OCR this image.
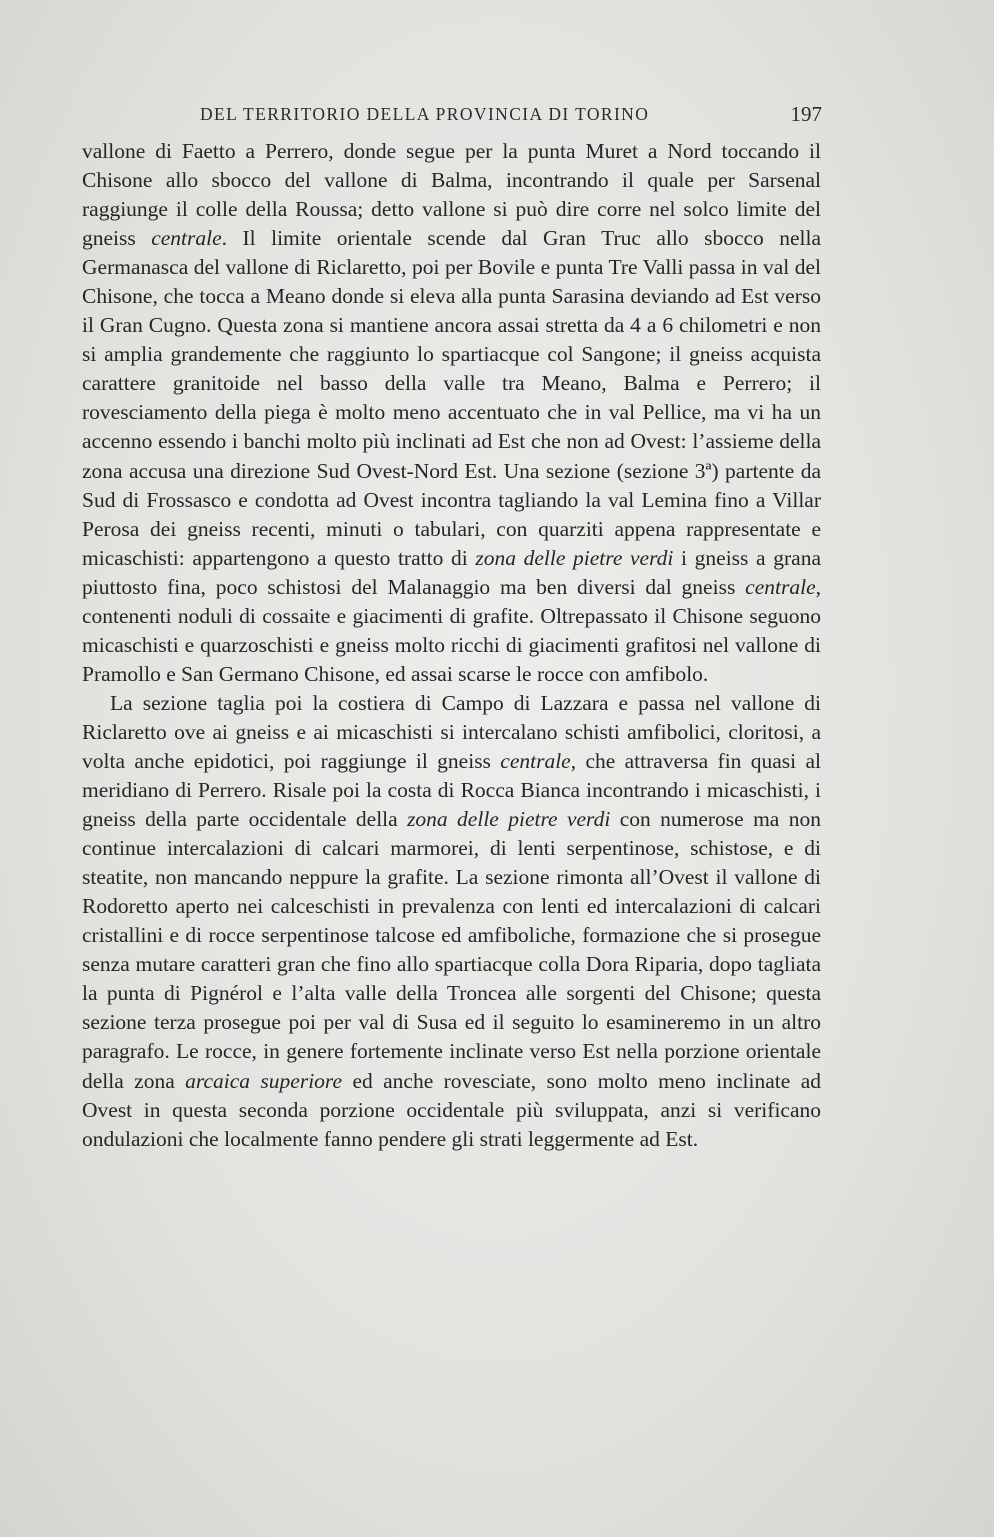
DEL TERRITORIO DELLA PROVINCIA DI TORINO	197

vallone di Faetto a Perrero, donde segue per la punta Muret a Nord toccando il Chisone allo sbocco del vallone di Balma, incontrando il quale per Sarsenal raggiunge il colle della Roussa; detto vallone si può dire corre nel solco limite del gneiss centrale. Il limite orientale scende dal Gran Truc allo sbocco nella Germanasca del vallone di Riclaretto, poi per Bovile e punta Tre Valli passa in val del Chisone, che tocca a Meano donde si eleva alla punta Sarasina deviando ad Est verso il Gran Cugno. Questa zona si mantiene ancora assai stretta da 4 a 6 chilometri e non si amplia grandemente che raggiunto lo spartiacque col Sangone; il gneiss acquista carattere granitoide nel basso della valle tra Meano, Balma e Perrero; il rovesciamento della piega è molto meno accentuato che in val Pellice, ma vi ha un accenno essendo i banchi molto più inclinati ad Est che non ad Ovest: l’assieme della zona accusa una direzione Sud Ovest-Nord Est. Una sezione (sezione 3ª) partente da Sud di Frossasco e condotta ad Ovest incontra tagliando la val Lemina fino a Villar Perosa dei gneiss recenti, minuti o tabulari, con quarziti appena rappresentate e micaschisti: appartengono a questo tratto di zona delle pietre verdi i gneiss a grana piuttosto fina, poco schistosi del Malanaggio ma ben diversi dal gneiss centrale, contenenti noduli di cossaite e giacimenti di grafite. Oltrepassato il Chisone seguono micaschisti e quarzoschisti e gneiss molto ricchi di giacimenti grafitosi nel vallone di Pramollo e San Germano Chisone, ed assai scarse le rocce con amfibolo.

La sezione taglia poi la costiera di Campo di Lazzara e passa nel vallone di Riclaretto ove ai gneiss e ai micaschisti si intercalano schisti amfibolici, cloritosi, a volta anche epidotici, poi raggiunge il gneiss centrale, che attraversa fin quasi al meridiano di Perrero. Risale poi la costa di Rocca Bianca incontrando i micaschisti, i gneiss della parte occidentale della zona delle pietre verdi con numerose ma non continue intercalazioni di calcari marmorei, di lenti serpentinose, schistose, e di steatite, non mancando neppure la grafite. La sezione rimonta all’Ovest il vallone di Rodoretto aperto nei calceschisti in prevalenza con lenti ed intercalazioni di calcari cristallini e di rocce serpentinose talcose ed amfiboliche, formazione che si prosegue senza mutare caratteri gran che fino allo spartiacque colla Dora Riparia, dopo tagliata la punta di Pignérol e l’alta valle della Troncea alle sorgenti del Chisone; questa sezione terza prosegue poi per val di Susa ed il seguito lo esamineremo in un altro paragrafo. Le rocce, in genere fortemente inclinate verso Est nella porzione orientale della zona arcaica superiore ed anche rovesciate, sono molto meno inclinate ad Ovest in questa seconda porzione occidentale più sviluppata, anzi si verificano ondulazioni che localmente fanno pendere gli strati leggermente ad Est.
